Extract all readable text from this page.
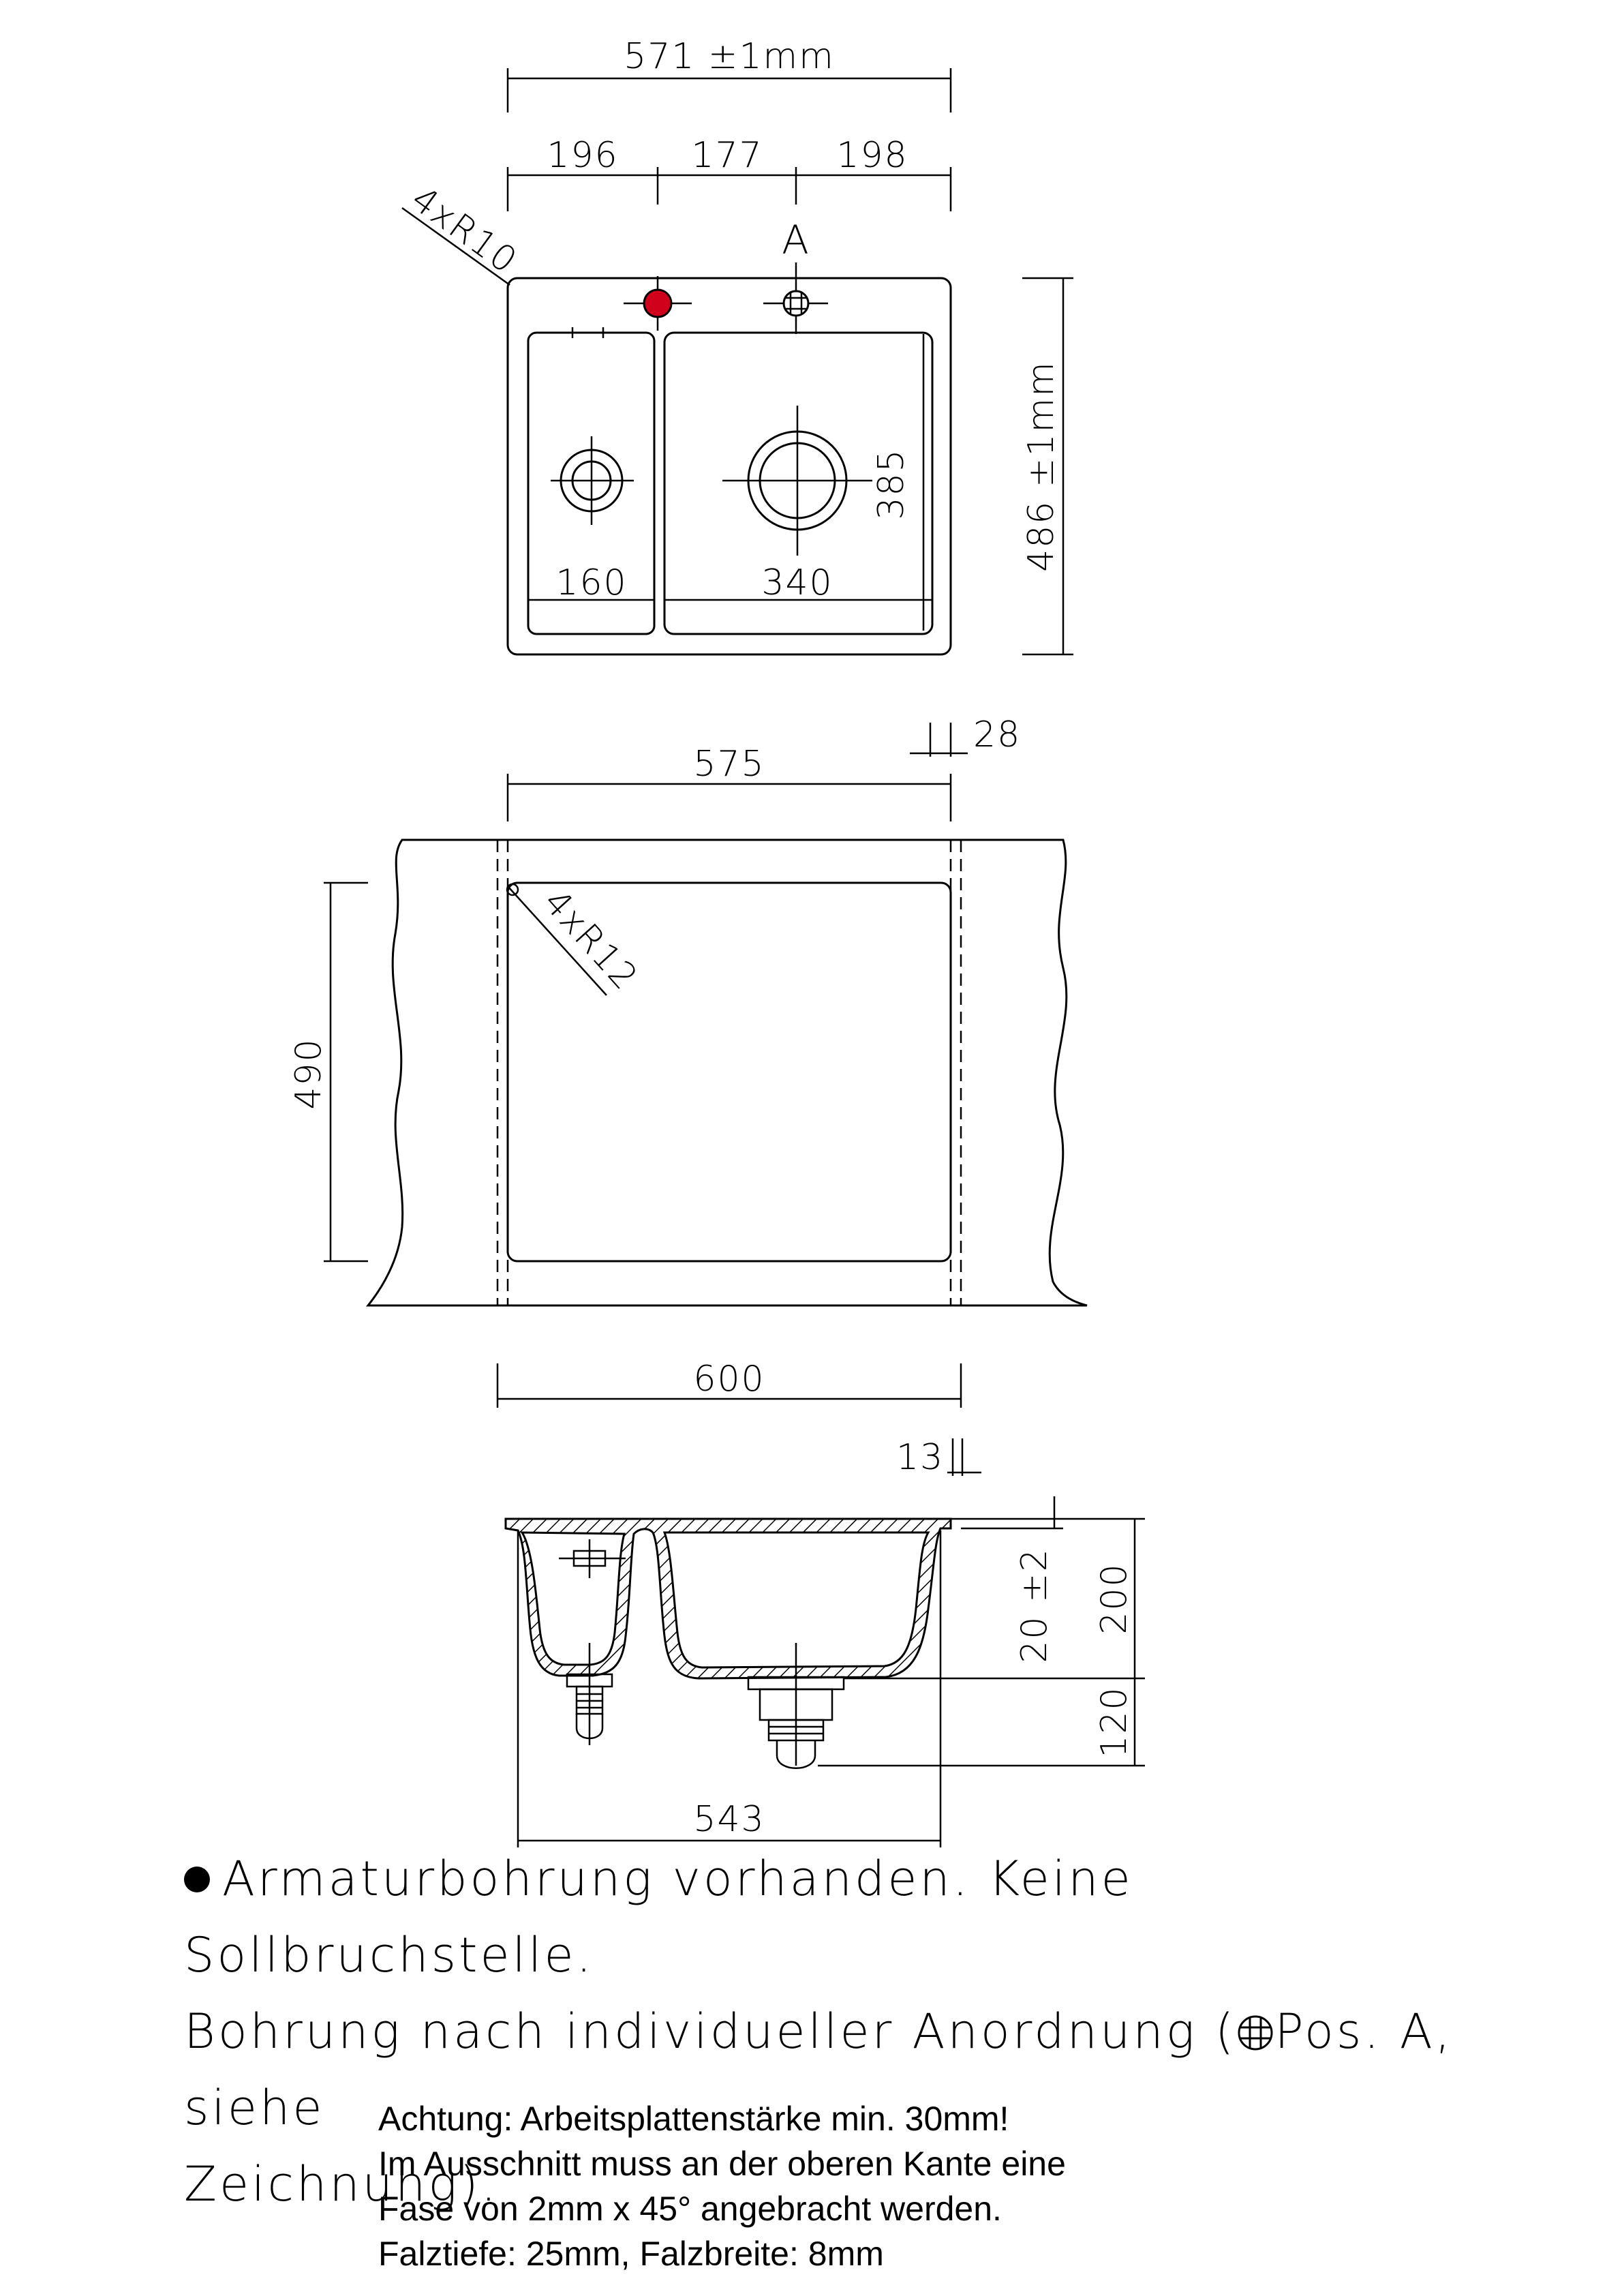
571 ±1mm
196 177 198
4xR10	A
385
160	340
486 ±1mm
575
28
4xR12
490
600
13
20 ±2 200
120
543
Armaturbohrung vorhanden. Keine Sollbruchstelle.
Bohrung nach individueller Anordnung ( Pos. A, siehe
Zeichnung).
Achtung: Arbeitsplattenstärke min. 30mm!
Im Ausschnitt muss an der oberen Kante eine
Fase von 2mm x 45° angebracht werden.
Falztiefe: 25mm, Falzbreite: 8mm
